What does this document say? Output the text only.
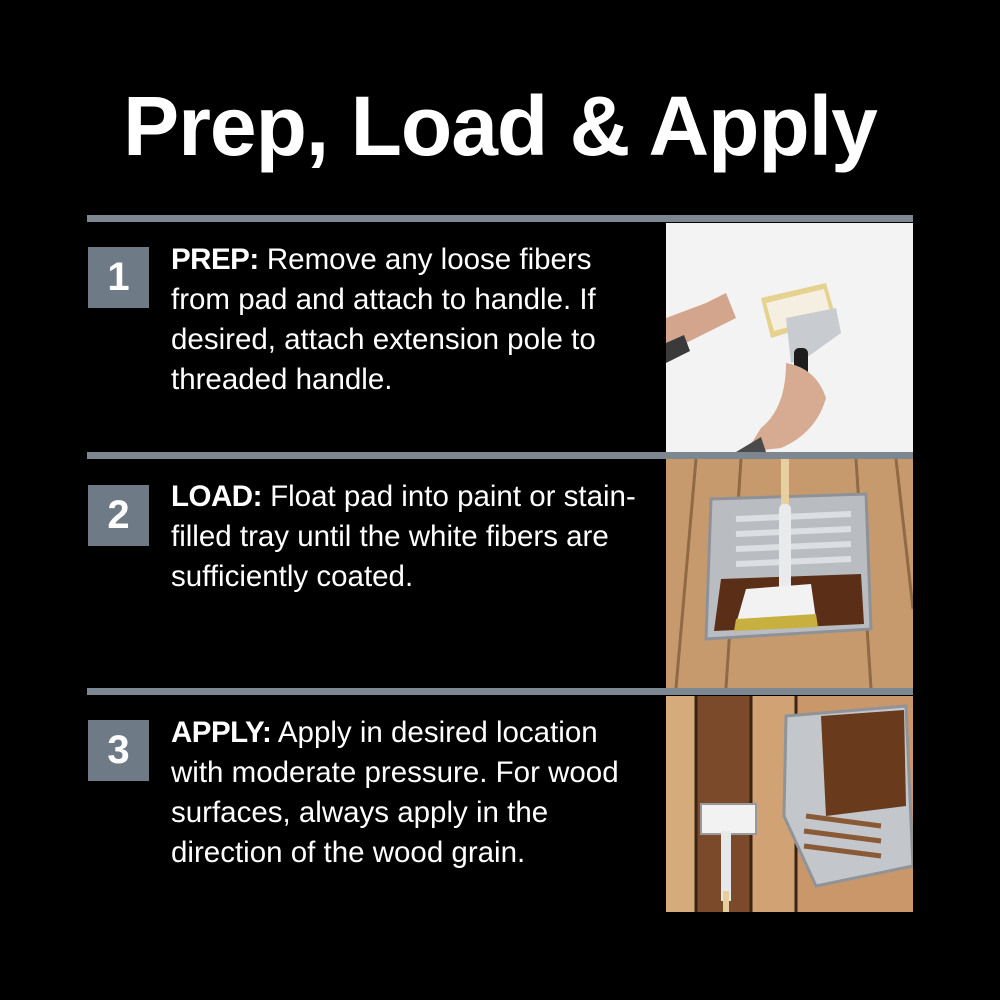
Prep, Load & Apply
1	PREP: Remove any loose fibers from pad and attach to handle. If desired, attach extension pole to threaded handle.
2	LOAD: Float pad into paint or stain-filled tray until the white fibers are sufficiently coated.
3	APPLY: Apply in desired location with moderate pressure. For wood surfaces, always apply in the direction of the wood grain.
